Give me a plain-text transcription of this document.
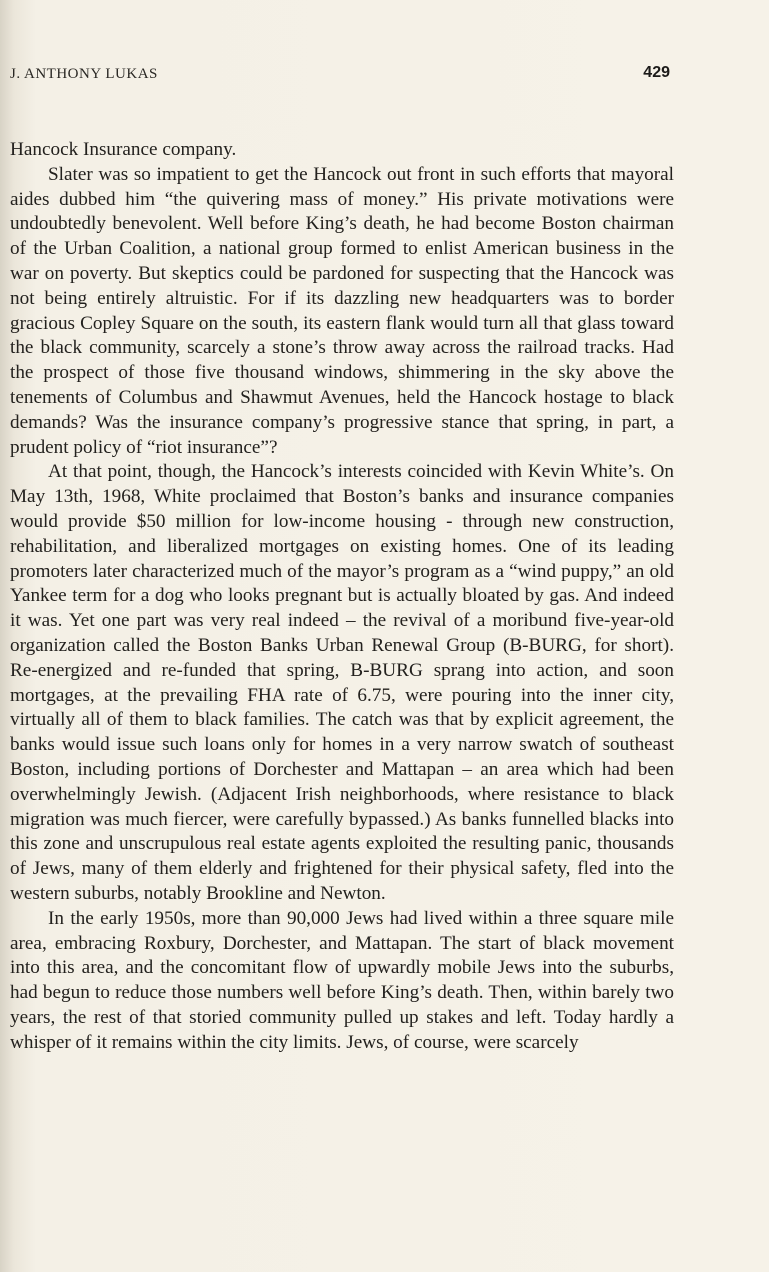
J. ANTHONY LUKAS	429

Hancock Insurance company.

Slater was so impatient to get the Hancock out front in such efforts that mayoral aides dubbed him “the quivering mass of money.” His private motivations were undoubtedly benevolent. Well before King’s death, he had become Boston chairman of the Urban Coalition, a national group formed to enlist American business in the war on poverty. But skeptics could be pardoned for suspecting that the Hancock was not being entirely altruistic. For if its dazzling new headquarters was to border gracious Copley Square on the south, its eastern flank would turn all that glass toward the black community, scarcely a stone’s throw away across the railroad tracks. Had the prospect of those five thousand windows, shimmering in the sky above the tenements of Columbus and Shawmut Avenues, held the Hancock hostage to black demands? Was the insurance company’s progressive stance that spring, in part, a prudent policy of “riot insurance”?

At that point, though, the Hancock’s interests coincided with Kevin White’s. On May 13th, 1968, White proclaimed that Boston’s banks and insurance companies would provide $50 million for low-income housing - through new construction, rehabilitation, and liberalized mortgages on existing homes. One of its leading promoters later characterized much of the mayor’s program as a “wind puppy,” an old Yankee term for a dog who looks pregnant but is actually bloated by gas. And indeed it was. Yet one part was very real indeed – the revival of a moribund five-year-old organization called the Boston Banks Urban Renewal Group (B-BURG, for short). Re-energized and re-funded that spring, B-BURG sprang into action, and soon mortgages, at the prevailing FHA rate of 6.75, were pouring into the inner city, virtually all of them to black families. The catch was that by explicit agreement, the banks would issue such loans only for homes in a very narrow swatch of southeast Boston, including portions of Dorchester and Mattapan – an area which had been overwhelmingly Jewish. (Adjacent Irish neighborhoods, where resistance to black migration was much fiercer, were carefully bypassed.) As banks funnelled blacks into this zone and unscrupulous real estate agents exploited the resulting panic, thousands of Jews, many of them elderly and frightened for their physical safety, fled into the western suburbs, notably Brookline and Newton.

In the early 1950s, more than 90,000 Jews had lived within a three square mile area, embracing Roxbury, Dorchester, and Mattapan. The start of black movement into this area, and the concomitant flow of upwardly mobile Jews into the suburbs, had begun to reduce those numbers well before King’s death. Then, within barely two years, the rest of that storied community pulled up stakes and left. Today hardly a whisper of it remains within the city limits. Jews, of course, were scarcely
